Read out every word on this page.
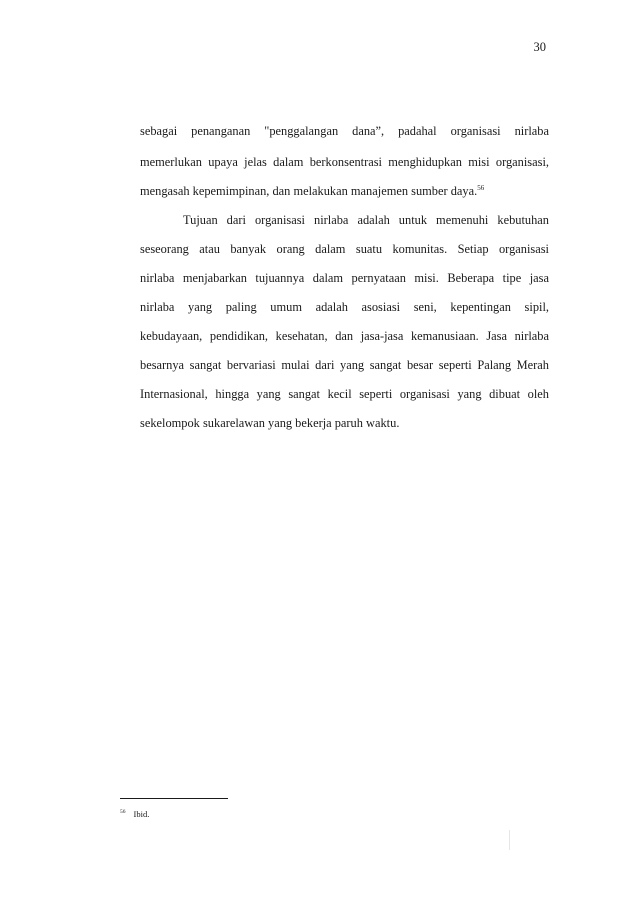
30
sebagai penanganan "penggalangan dana”, padahal organisasi nirlaba
memerlukan upaya jelas dalam berkonsentrasi menghidupkan misi organisasi,
mengasah kepemimpinan, dan melakukan manajemen sumber daya.$^{56}$
Tujuan dari organisasi nirlaba adalah untuk memenuhi kebutuhan
seseorang atau banyak orang dalam suatu komunitas. Setiap organisasi
nirlaba menjabarkan tujuannya dalam pernyataan misi. Beberapa tipe jasa
nirlaba yang paling umum adalah asosiasi seni, kepentingan sipil,
kebudayaan, pendidikan, kesehatan, dan jasa-jasa kemanusiaan. Jasa nirlaba
besarnya sangat bervariasi mulai dari yang sangat besar seperti Palang Merah
Internasional, hingga yang sangat kecil seperti organisasi yang dibuat oleh
sekelompok sukarelawan yang bekerja paruh waktu.
$^{56}$ Ibid.
